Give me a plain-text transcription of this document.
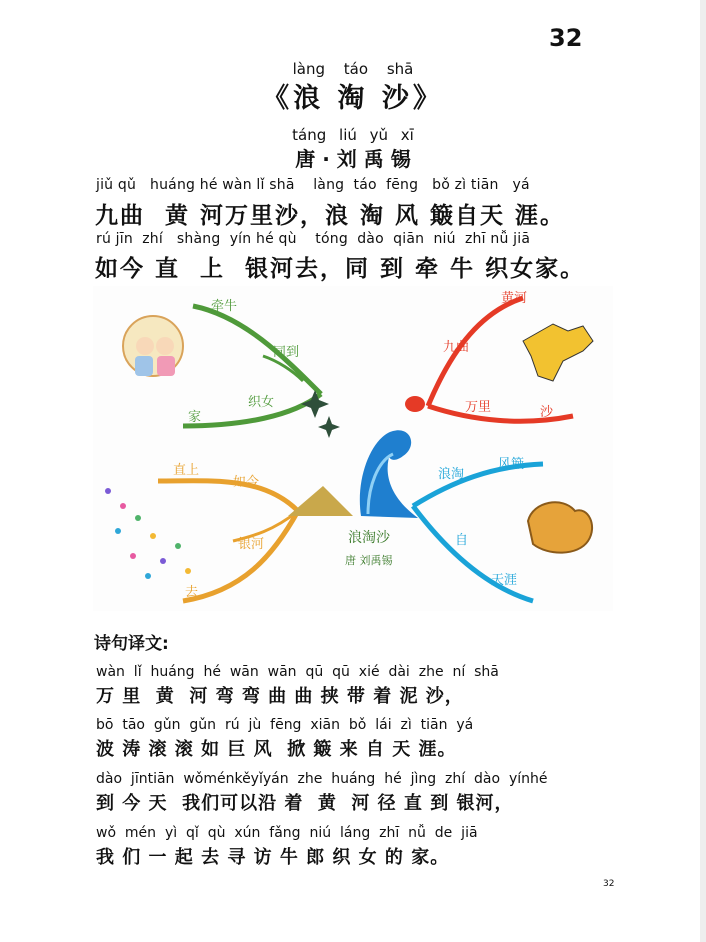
32
làng táo shā
《浪 淘 沙》
táng liú yǔ xī
唐 · 刘 禹 锡
jiǔ qǔ   huáng hé wàn lǐ shā    làng  táo  fēng   bǒ zì tiān   yá
九曲  黄 河万里沙，浪 淘 风 簸自天 涯。
rú jīn  zhí   shàng  yín hé qù    tóng  dào  qiān  niú  zhī nǚ jiā
如今 直  上  银河去，同 到 牵 牛 织女家。
牵牛
同到
织女
家
直上
如今
银河
去
黄河
九曲
万里	沙
浪淘
风簸
自
天涯
浪淘沙
唐 刘禹锡
诗句译文:
wàn  lǐ  huáng  hé  wān  wān  qū  qū  xié  dài  zhe  ní  shā
万 里  黄  河 弯 弯 曲 曲 挟 带 着 泥 沙，
bō  tāo  gǔn  gǔn  rú  jù  fēng  xiān  bǒ  lái  zì  tiān  yá
波 涛 滚 滚 如 巨 风  掀 簸 来 自 天 涯。
dào  jīntiān  wǒménkěyǐyán  zhe  huáng  hé  jìng  zhí  dào  yínhé
到 今 天  我们可以沿 着  黄  河 径 直 到 银河，
wǒ  mén  yì  qǐ  qù  xún  fǎng  niú  láng  zhī  nǚ  de  jiā
我 们 一 起 去 寻 访 牛 郎 织 女 的 家。
32
